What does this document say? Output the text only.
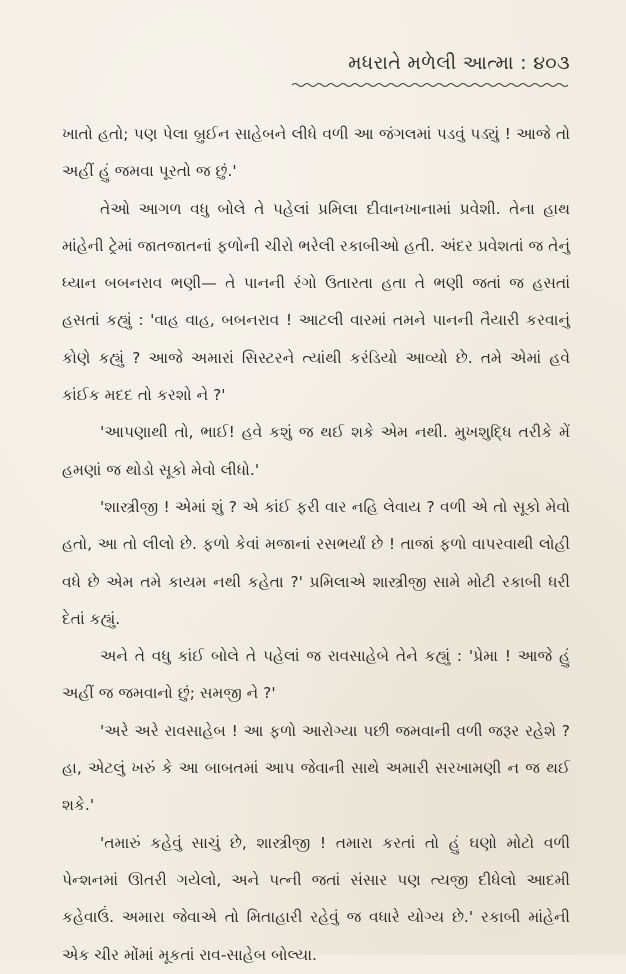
મધરાતે મળેલી આત્મા : ૪૦૩

ખાતો હતો; પણ પેલા બ્રુઈન સાહેબને લીધે વળી આ જંગલમાં પડવું પડ્યું ! આજે તો અહીં હું જમવા પૂરતો જ છું.'

તેઓ આગળ વધુ બોલે તે પહેલાં પ્રમિલા દીવાનખાનામાં પ્રવેશી. તેના હાથ માંહેની ટ્રેમાં જાતજાતનાં ફળોની ચીરો ભરેલી રકાબીઓ હતી. અંદર પ્રવેશતાં જ તેનું ધ્યાન બબનરાવ ભણી— તે પાનની રંગો ઉતારતા હતા તે ભણી જતાં જ હસતાં હસતાં કહ્યું : 'વાહ વાહ, બબનરાવ ! આટલી વારમાં તમને પાનની તૈયારી કરવાનું કોણે કહ્યું ? આજે અમારાં સિસ્ટરને ત્યાંથી કરંડિયો આવ્યો છે. તમે એમાં હવે કાંઈક મદદ તો કરશો ને ?'

'આપણાથી તો, ભાઈ! હવે કશું જ થઈ શકે એમ નથી. મુખશુદ્ધિ તરીકે મેં હમણાં જ થોડો સૂકો મેવો લીધો.'

'શાસ્ત્રીજી ! એમાં શું ? એ કાંઈ ફરી વાર નહિ લેવાય ? વળી એ તો સૂકો મેવો હતો, આ તો લીલો છે. ફળો કેવાં મજાનાં રસભર્યાં છે ! તાજાં ફળો વાપરવાથી લોહી વધે છે એમ તમે કાયમ નથી કહેતા ?' પ્રમિલાએ શાસ્ત્રીજી સામે મોટી રકાબી ધરી દેતાં કહ્યું.

અને તે વધુ કાંઈ બોલે તે પહેલાં જ રાવસાહેબે તેને કહ્યું : 'પ્રેમા ! આજે હું અહીં જ જમવાનો છું; સમજી ને ?'

'અરે અરે રાવસાહેબ ! આ ફળો આરોગ્યા પછી જમવાની વળી જરૂર રહેશે ? હા, એટલું ખરું કે આ બાબતમાં આપ જેવાની સાથે અમારી સરખામણી ન જ થઈ શકે.'

'તમારું કહેવું સાચું છે, શાસ્ત્રીજી ! તમારા કરતાં તો હું ઘણો મોટો વળી પેન્શનમાં ઊતરી ગયેલો, અને પત્ની જતાં સંસાર પણ ત્યજી દીધેલો આદમી કહેવાઉં. અમારા જેવાએ તો મિતાહારી રહેવું જ વધારે યોગ્ય છે.' રકાબી માંહેની એક ચીર મોંમાં મૂકતાં રાવ-સાહેબ બોલ્યા.
